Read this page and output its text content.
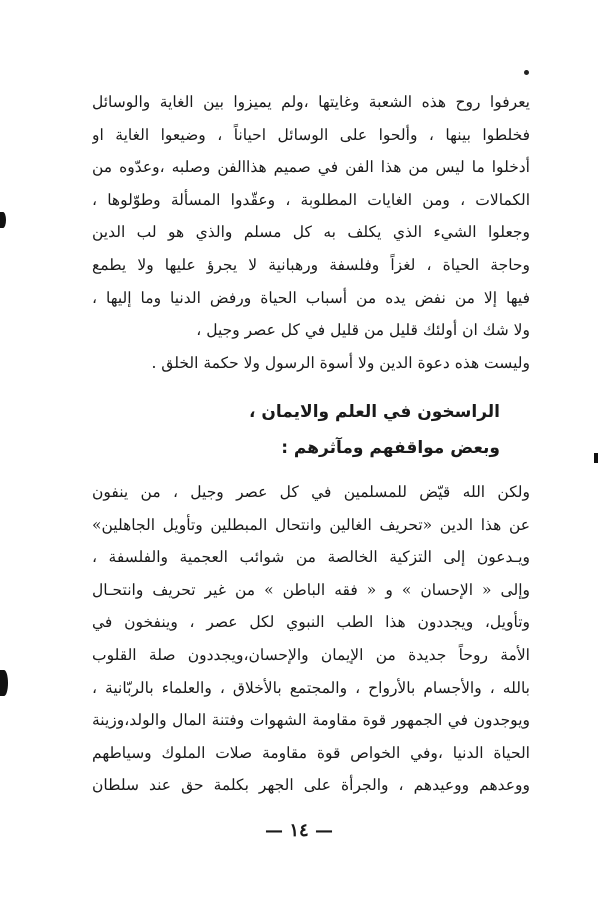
يعرفوا روح هذه الشعبة وغايتها ،ولم يميزوا بين الغاية والوسائل
فخلطوا بينها ، وألحوا على الوسائل احياناً ، وضيعوا الغاية او
أدخلوا ما ليس من هذا الفن في صميم هذاالفن وصلبه ،وعدّوه من
الكمالات ، ومن الغايات المطلوبة ، وعقّدوا المسألة وطوّلوها ،
وجعلوا الشيء الذي يكلف به كل مسلم والذي هو لب الدين
وحاجة الحياة ، لغزاً وفلسفة ورهبانية لا يجرؤ عليها ولا يطمع
فيها إلا من نفض يده من أسباب الحياة ورفض الدنيا وما إليها ،
ولا شك ان أولئك قليل من قليل في كل عصر وجيل ،
وليست هذه دعوة الدين ولا أسوة الرسول ولا حكمة الخلق .
الراسخون في العلم والايمان ،
وبعض مواقفهم ومآثرهم :
ولكن الله قيّض للمسلمين في كل عصر وجيل ، من ينفون
عن هذا الدين «تحريف الغالين وانتحال المبطلين وتأويل الجاهلين»
ويـدعون إلى التزكية الخالصة من شوائب العجمية والفلسفة ،
وإلى « الإحسان » و « فقه الباطن » من غير تحريف وانتحـال
وتأويل، ويجددون هذا الطب النبوي لكل عصر ، وينفخون في
الأمة روحاً جديدة من الإيمان والإحسان،ويجددون صلة القلوب
بالله ، والأجسام بالأرواح ، والمجتمع بالأخلاق ، والعلماء بالربّانية ،
ويوجدون في الجمهور قوة مقاومة الشهوات وفتنة المال والولد،وزينة
الحياة الدنيا ،وفي الخواص قوة مقاومة صلات الملوك وسياطهم
ووعدهم ووعيدهم ، والجرأة على الجهر بكلمة حق عند سلطان
— ١٤ —
